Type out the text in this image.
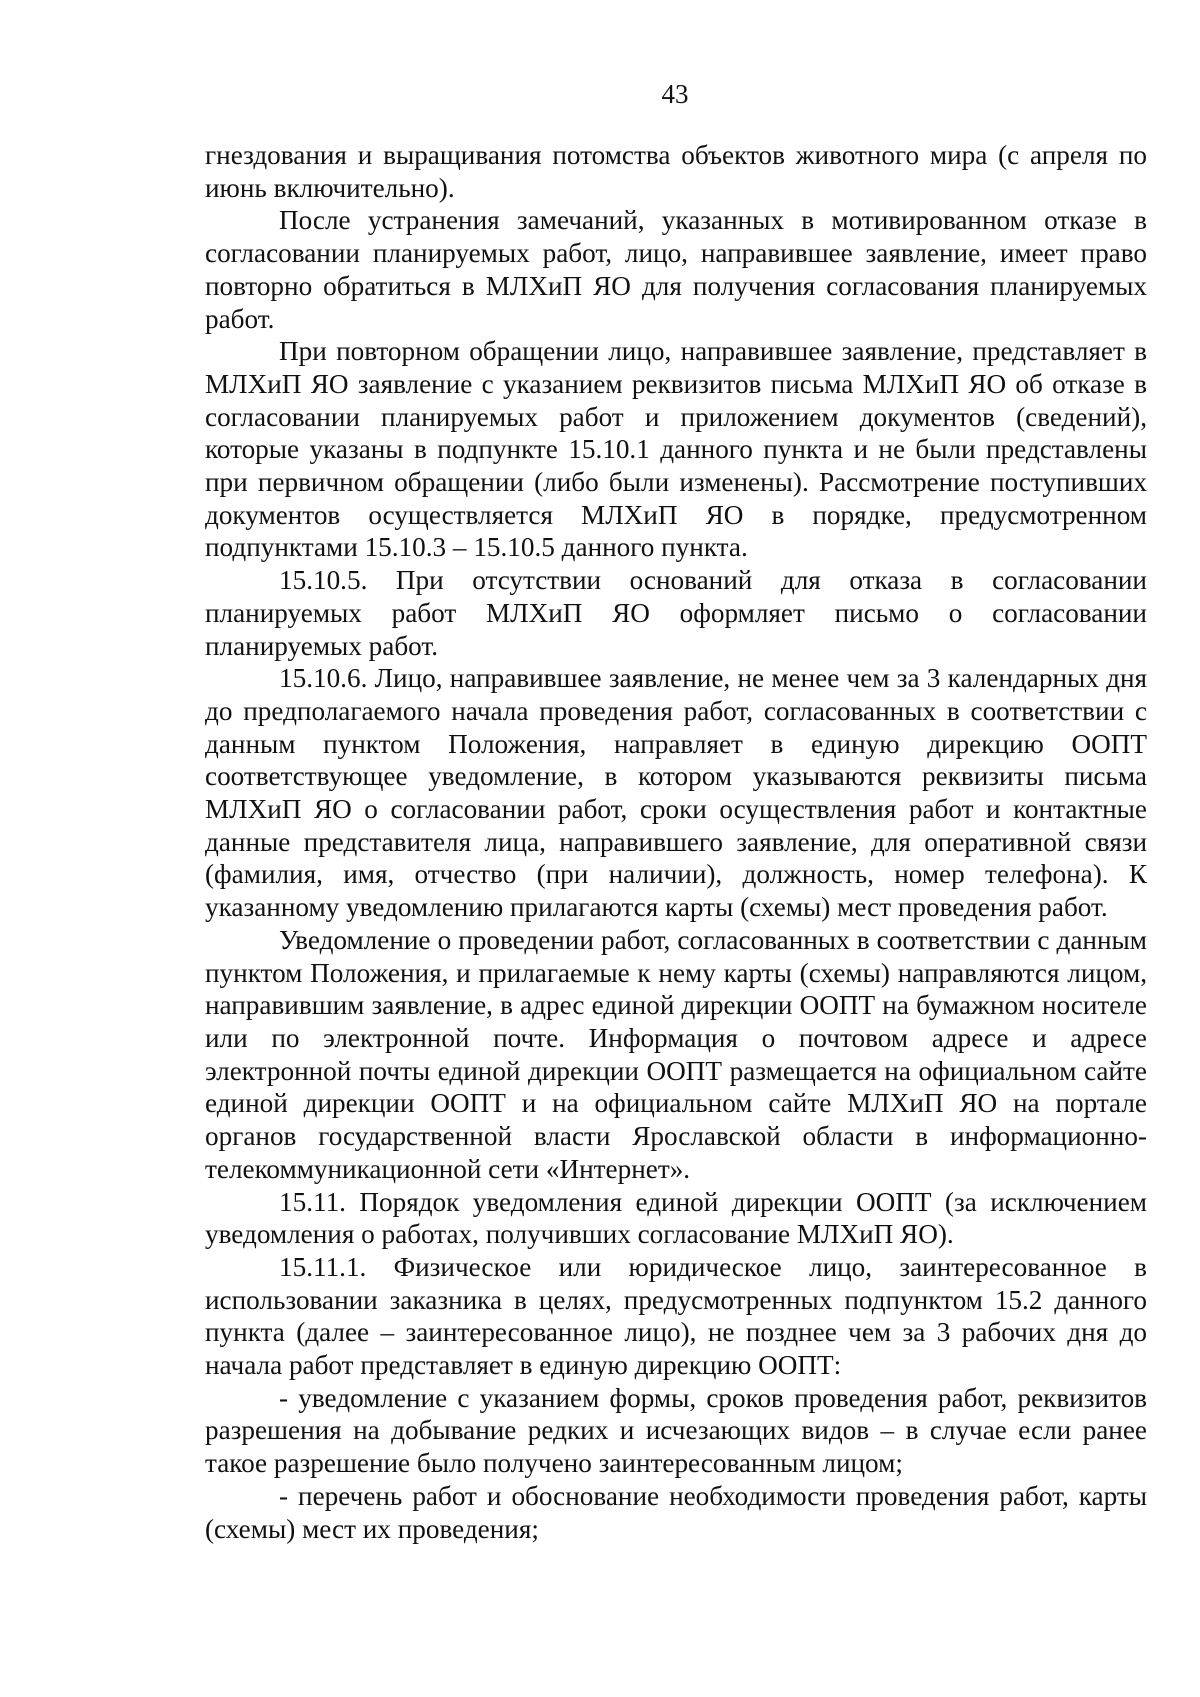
43

гнездования и выращивания потомства объектов животного мира (с апреля по июнь включительно).

После устранения замечаний, указанных в мотивированном отказе в согласовании планируемых работ, лицо, направившее заявление, имеет право повторно обратиться в МЛХиП ЯО для получения согласования планируемых работ.

При повторном обращении лицо, направившее заявление, представляет в МЛХиП ЯО заявление с указанием реквизитов письма МЛХиП ЯО об отказе в согласовании планируемых работ и приложением документов (сведений), которые указаны в подпункте 15.10.1 данного пункта и не были представлены при первичном обращении (либо были изменены). Рассмотрение поступивших документов осуществляется МЛХиП ЯО в порядке, предусмотренном подпунктами 15.10.3 – 15.10.5 данного пункта.

15.10.5. При отсутствии оснований для отказа в согласовании планируемых работ МЛХиП ЯО оформляет письмо о согласовании планируемых работ.

15.10.6. Лицо, направившее заявление, не менее чем за 3 календарных дня до предполагаемого начала проведения работ, согласованных в соответствии с данным пунктом Положения, направляет в единую дирекцию ООПТ соответствующее уведомление, в котором указываются реквизиты письма МЛХиП ЯО о согласовании работ, сроки осуществления работ и контактные данные представителя лица, направившего заявление, для оперативной связи (фамилия, имя, отчество (при наличии), должность, номер телефона). К указанному уведомлению прилагаются карты (схемы) мест проведения работ.

Уведомление о проведении работ, согласованных в соответствии с данным пунктом Положения, и прилагаемые к нему карты (схемы) направляются лицом, направившим заявление, в адрес единой дирекции ООПТ на бумажном носителе или по электронной почте. Информация о почтовом адресе и адресе электронной почты единой дирекции ООПТ размещается на официальном сайте единой дирекции ООПТ и на официальном сайте МЛХиП ЯО на портале органов государственной власти Ярославской области в информационно-телекоммуникационной сети «Интернет».

15.11. Порядок уведомления единой дирекции ООПТ (за исключением уведомления о работах, получивших согласование МЛХиП ЯО).

15.11.1. Физическое или юридическое лицо, заинтересованное в использовании заказника в целях, предусмотренных подпунктом 15.2 данного пункта (далее – заинтересованное лицо), не позднее чем за 3 рабочих дня до начала работ представляет в единую дирекцию ООПТ:

- уведомление с указанием формы, сроков проведения работ, реквизитов разрешения на добывание редких и исчезающих видов – в случае если ранее такое разрешение было получено заинтересованным лицом;

- перечень работ и обоснование необходимости проведения работ, карты (схемы) мест их проведения;
